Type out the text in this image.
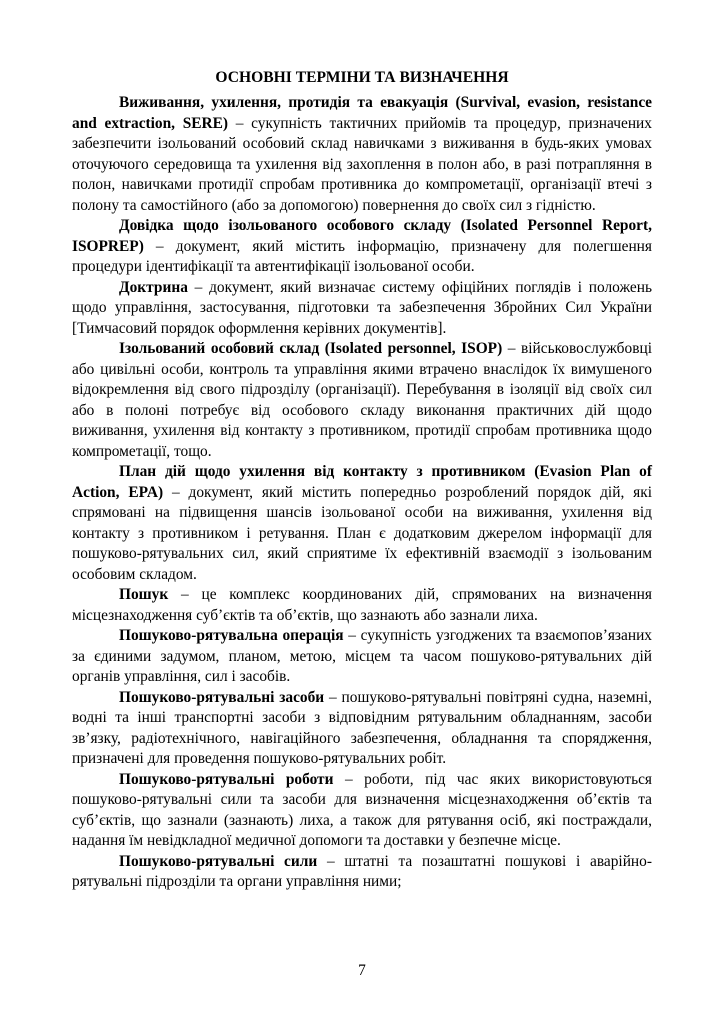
ОСНОВНІ ТЕРМІНИ ТА ВИЗНАЧЕННЯ

Виживання, ухилення, протидія та евакуація (Survival, evasion, resistance and extraction, SERE) – сукупність тактичних прийомів та процедур, призначених забезпечити ізольований особовий склад навичками з виживання в будь-яких умовах оточуючого середовища та ухилення від захоплення в полон або, в разі потрапляння в полон, навичками протидії спробам противника до компрометації, організації втечі з полону та самостійного (або за допомогою) повернення до своїх сил з гідністю.

Довідка щодо ізольованого особового складу (Isolated Personnel Report, ISOPREP) – документ, який містить інформацію, призначену для полегшення процедури ідентифікації та автентифікації ізольованої особи.

Доктрина – документ, який визначає систему офіційних поглядів і положень щодо управління, застосування, підготовки та забезпечення Збройних Сил України [Тимчасовий порядок оформлення керівних документів].

Ізольований особовий склад (Isolated personnel, ISOP) – військовослужбовці або цивільні особи, контроль та управління якими втрачено внаслідок їх вимушеного відокремлення від свого підрозділу (організації). Перебування в ізоляції від своїх сил або в полоні потребує від особового складу виконання практичних дій щодо виживання, ухилення від контакту з противником, протидії спробам противника щодо компрометації, тощо.

План дій щодо ухилення від контакту з противником (Evasion Plan of Action, EPA) – документ, який містить попередньо розроблений порядок дій, які спрямовані на підвищення шансів ізольованої особи на виживання, ухилення від контакту з противником і ретування. План є додатковим джерелом інформації для пошуково-рятувальних сил, який сприятиме їх ефективній взаємодії з ізольованим особовим складом.

Пошук – це комплекс координованих дій, спрямованих на визначення місцезнаходження суб’єктів та об’єктів, що зазнають або зазнали лиха.

Пошуково-рятувальна операція – сукупність узгоджених та взаємопов’язаних за єдиними задумом, планом, метою, місцем та часом пошуково-рятувальних дій органів управління, сил і засобів.

Пошуково-рятувальні засоби – пошуково-рятувальні повітряні судна, наземні, водні та інші транспортні засоби з відповідним рятувальним обладнанням, засоби зв’язку, радіотехнічного, навігаційного забезпечення, обладнання та спорядження, призначені для проведення пошуково-рятувальних робіт.

Пошуково-рятувальні роботи – роботи, під час яких використовуються пошуково-рятувальні сили та засоби для визначення місцезнаходження об’єктів та суб’єктів, що зазнали (зазнають) лиха, а також для рятування осіб, які постраждали, надання їм невідкладної медичної допомоги та доставки у безпечне місце.

Пошуково-рятувальні сили – штатні та позаштатні пошукові і аварійно-рятувальні підрозділи та органи управління ними;

7
